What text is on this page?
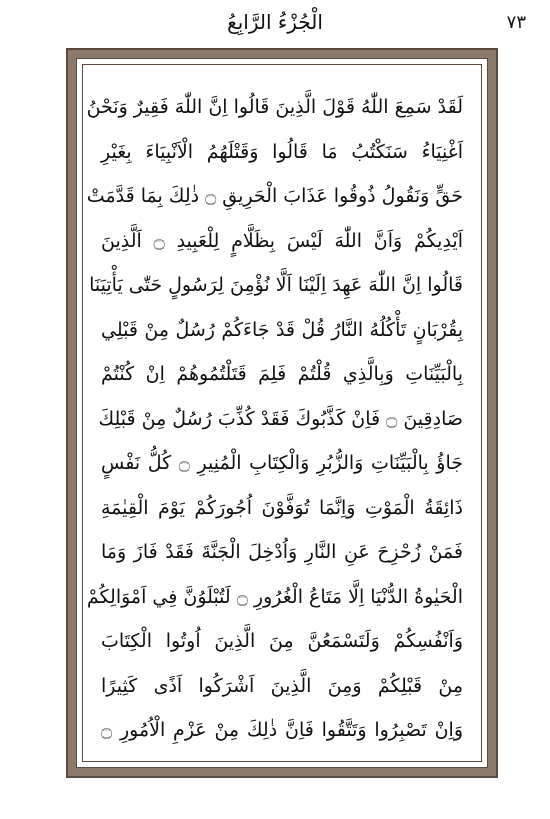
الْجُزْءُ الرَّابِعُ	٧٣
لَقَدْ سَمِعَ اللّٰهُ قَوْلَ الَّذِينَ قَالُوا اِنَّ اللّٰهَ فَقِيرٌ وَنَحْنُ
اَغْنِيَاءُ سَنَكْتُبُ مَا قَالُوا وَقَتْلَهُمُ الْاَنْبِيَاءَ بِغَيْرِ
حَقٍّ وَنَقُولُ ذُوقُوا عَذَابَ الْحَرِيقِ ۝ ذٰلِكَ بِمَا قَدَّمَتْ
اَيْدِيكُمْ وَاَنَّ اللّٰهَ لَيْسَ بِظَلَّامٍ لِلْعَبِيدِ ۝ اَلَّذِينَ
قَالُوا اِنَّ اللّٰهَ عَهِدَ اِلَيْنَا اَلَّا نُؤْمِنَ لِرَسُولٍ حَتّٰى يَأْتِيَنَا
بِقُرْبَانٍ تَأْكُلُهُ النَّارُ قُلْ قَدْ جَاءَكُمْ رُسُلٌ مِنْ قَبْلِي
بِالْبَيِّنَاتِ وَبِالَّذِي قُلْتُمْ فَلِمَ قَتَلْتُمُوهُمْ اِنْ كُنْتُمْ
صَادِقِينَ ۝ فَاِنْ كَذَّبُوكَ فَقَدْ كُذِّبَ رُسُلٌ مِنْ قَبْلِكَ
جَاؤُ بِالْبَيِّنَاتِ وَالزُّبُرِ وَالْكِتَابِ الْمُنِيرِ ۝ كُلُّ نَفْسٍ
ذَائِقَةُ الْمَوْتِ وَاِنَّمَا تُوَفَّوْنَ اُجُورَكُمْ يَوْمَ الْقِيٰمَةِ
فَمَنْ زُحْزِحَ عَنِ النَّارِ وَاُدْخِلَ الْجَنَّةَ فَقَدْ فَازَ وَمَا
الْحَيٰوةُ الدُّنْيَا اِلَّا مَتَاعُ الْغُرُورِ ۝ لَتُبْلَوُنَّ فِي اَمْوَالِكُمْ
وَاَنْفُسِكُمْ وَلَتَسْمَعُنَّ مِنَ الَّذِينَ اُوتُوا الْكِتَابَ
مِنْ قَبْلِكُمْ وَمِنَ الَّذِينَ اَشْرَكُوا اَذًى كَثِيرًا
وَاِنْ تَصْبِرُوا وَتَتَّقُوا فَاِنَّ ذٰلِكَ مِنْ عَزْمِ الْاُمُورِ ۝
